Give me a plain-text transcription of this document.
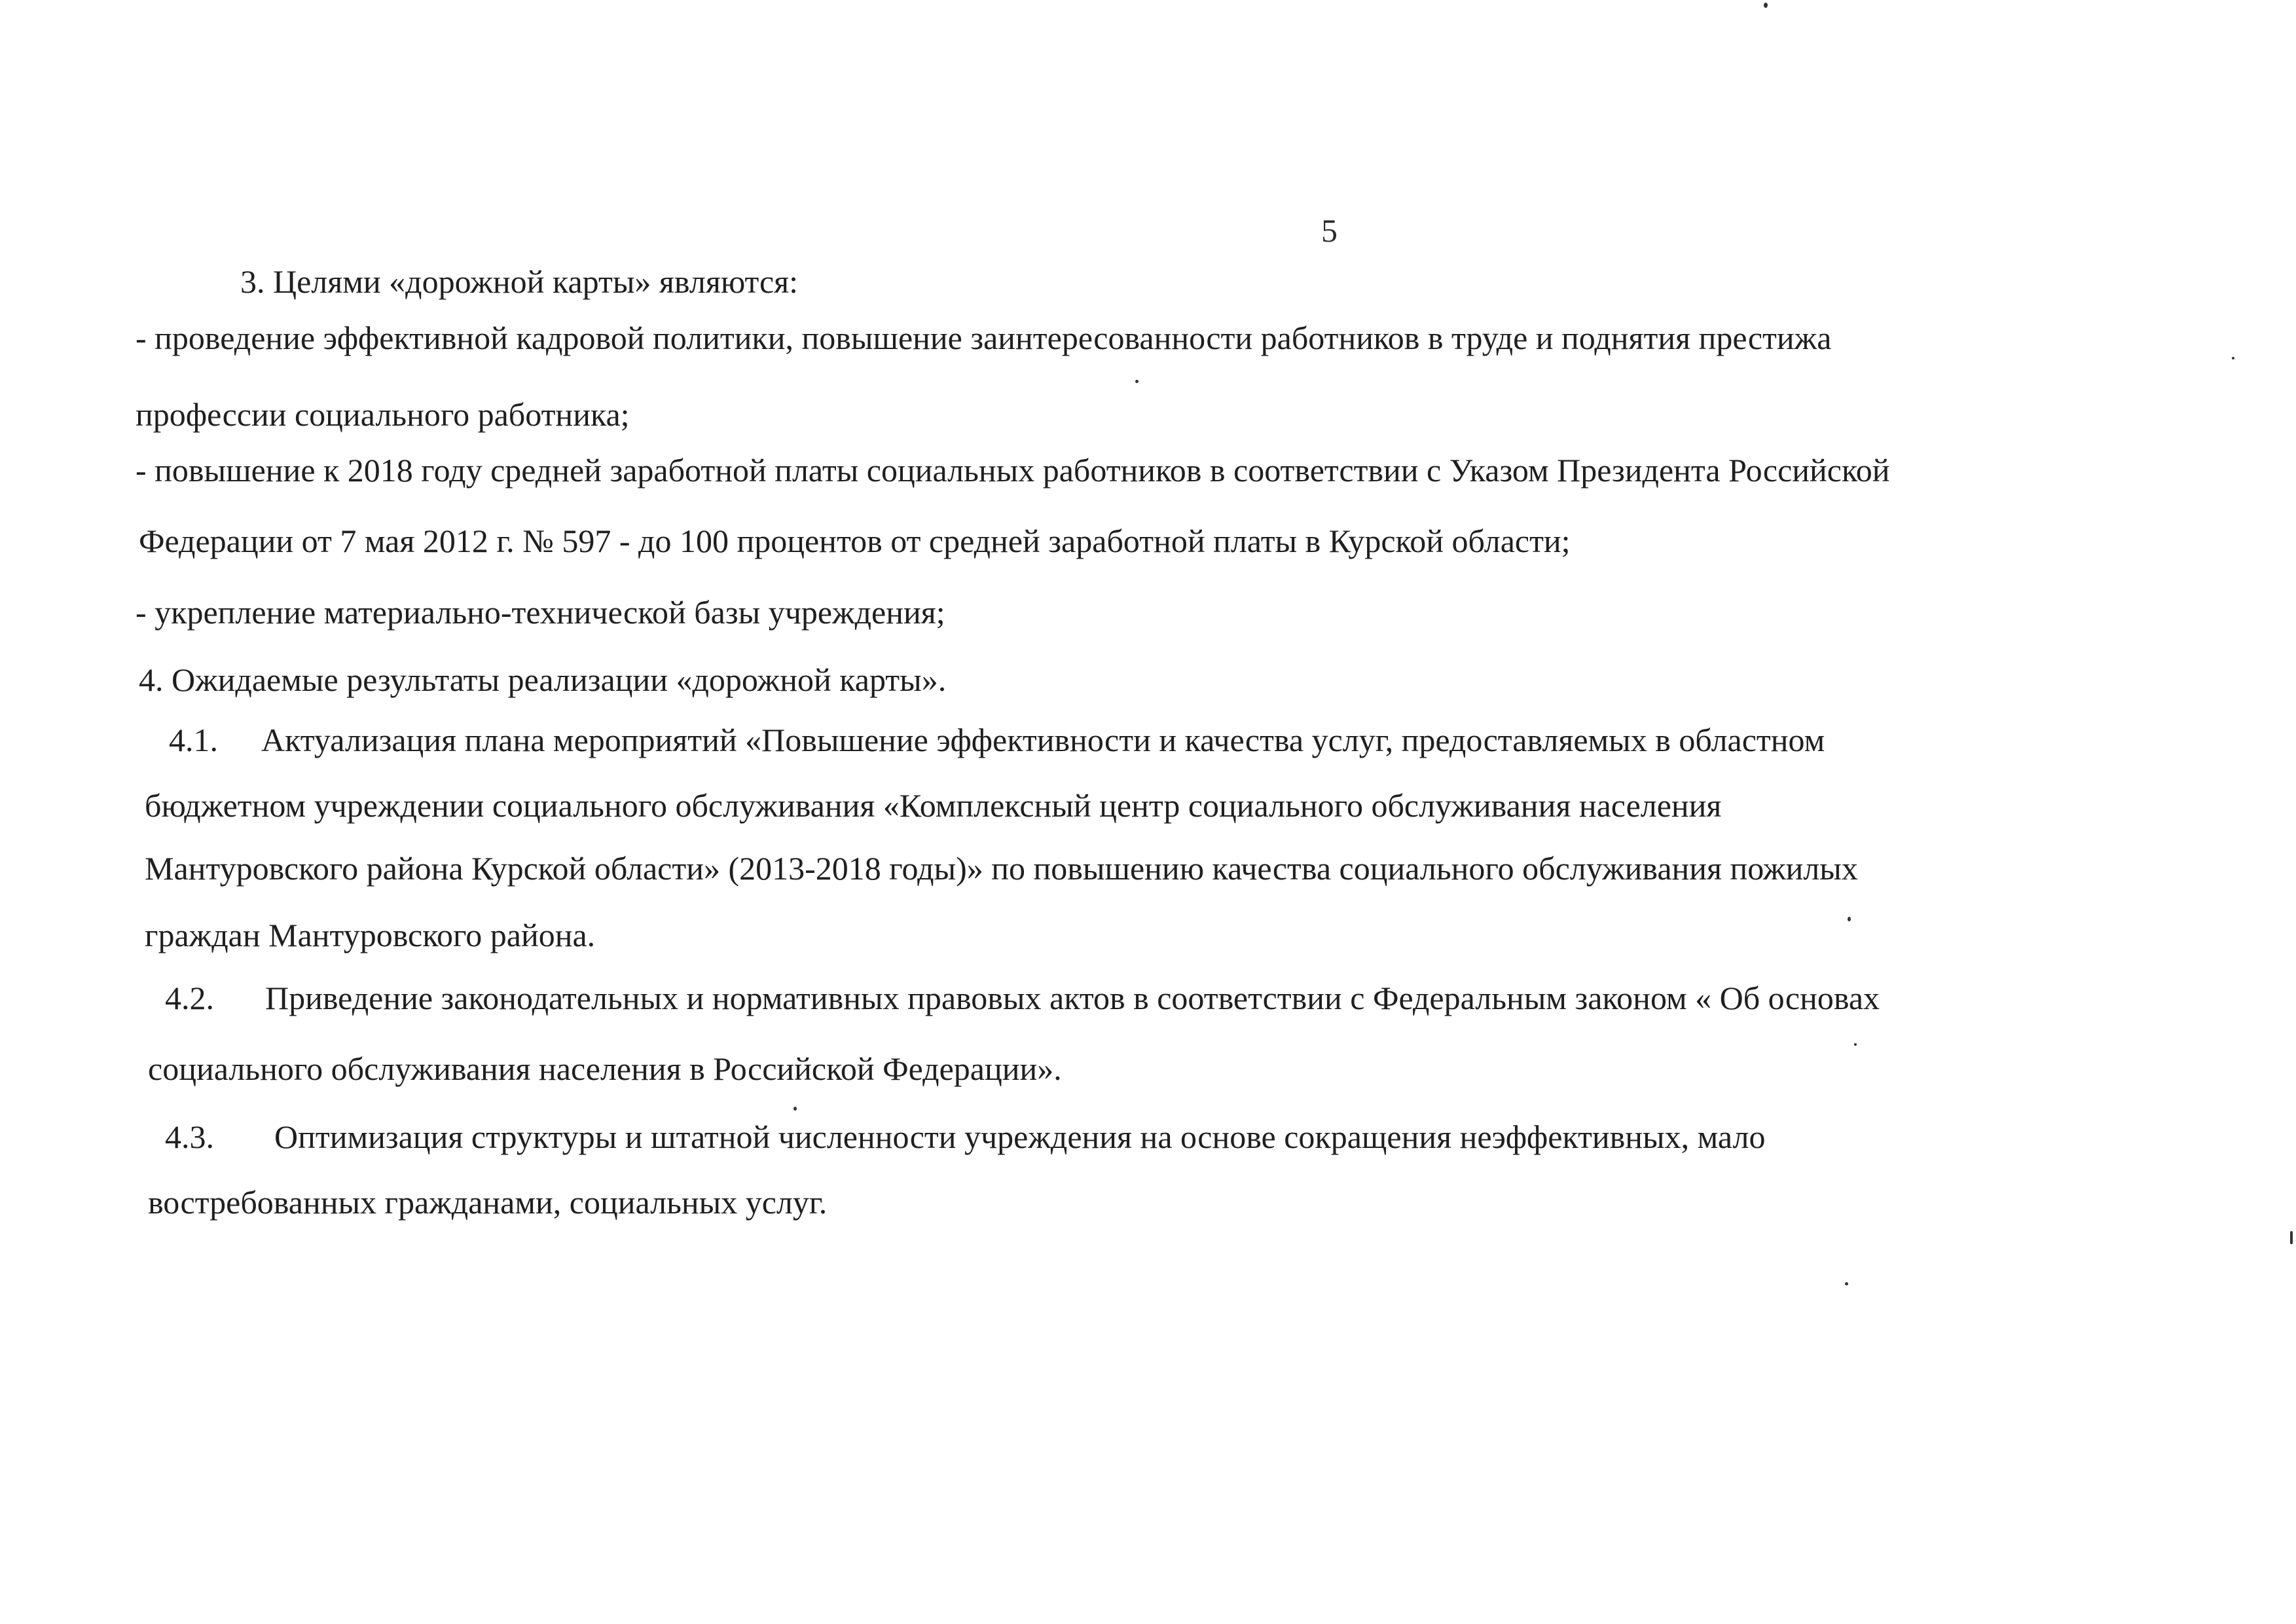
5
3. Целями «дорожной карты» являются:
- проведение эффективной кадровой политики, повышение заинтересованности работников в труде и поднятия престижа
профессии социального работника;
- повышение к 2018 году средней заработной платы социальных работников в соответствии с Указом Президента Российской
Федерации от 7 мая 2012 г. № 597 - до 100 процентов от средней заработной платы в Курской области;
- укрепление материально-технической базы учреждения;
4. Ожидаемые результаты реализации «дорожной карты».
4.1. Актуализация плана мероприятий «Повышение эффективности и качества услуг, предоставляемых в областном
бюджетном учреждении социального обслуживания «Комплексный центр социального обслуживания населения
Мантуровского района Курской области» (2013-2018 годы)» по повышению качества социального обслуживания пожилых
граждан Мантуровского района.
4.2. Приведение законодательных и нормативных правовых актов в соответствии с Федеральным законом « Об основах
социального обслуживания населения в Российской Федерации».
4.3. Оптимизация структуры и штатной численности учреждения на основе сокращения неэффективных, мало
востребованных гражданами, социальных услуг.
